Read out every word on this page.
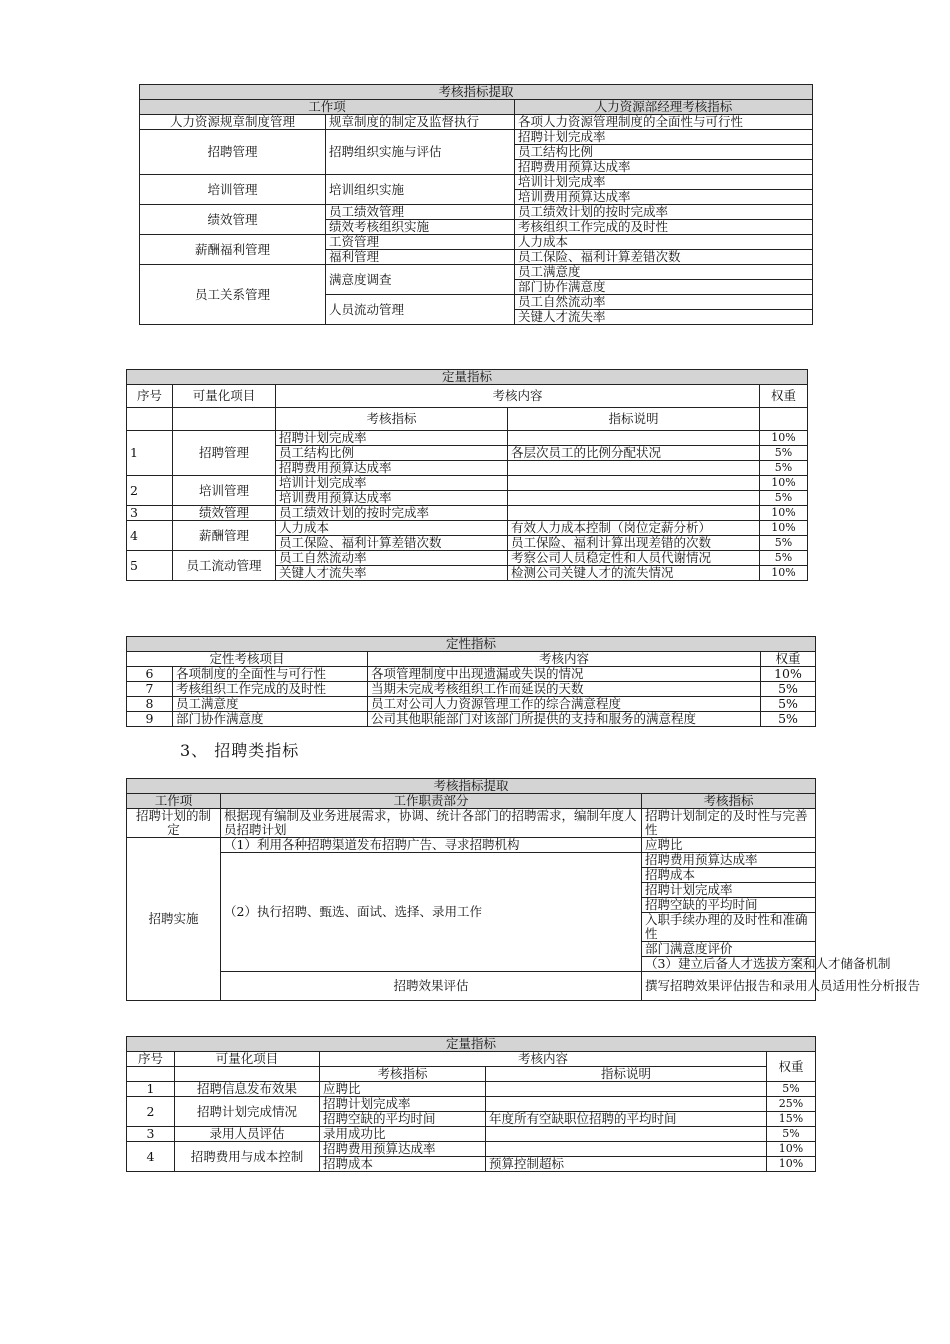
考核指标提取		
工作项		人力资源部经理考核指标
人力资源规章制度管理	规章制度的制定及监督执行	各项人力资源管理制度的全面性与可行性
招聘管理	招聘组织实施与评估	招聘计划完成率
		员工结构比例
		招聘费用预算达成率
培训管理	培训组织实施	培训计划完成率
		培训费用预算达成率
绩效管理	员工绩效管理	员工绩效计划的按时完成率
	绩效考核组织实施	考核组织工作完成的及时性
薪酬福利管理	工资管理	人力成本
	福利管理	员工保险、福利计算差错次数
员工关系管理	满意度调查	员工满意度
		部门协作满意度
	人员流动管理	员工自然流动率
		关键人才流失率
定量指标				
序号	可量化项目	考核内容		权重
		考核指标	指标说明	
1	招聘管理	招聘计划完成率		10%
		员工结构比例	各层次员工的比例分配状况	5%
		招聘费用预算达成率		5%
2	培训管理	培训计划完成率		10%
		培训费用预算达成率		5%
3	绩效管理	员工绩效计划的按时完成率		10%
4	薪酬管理	人力成本	有效人力成本控制（岗位定薪分析）	10%
		员工保险、福利计算差错次数	员工保险、福利计算出现差错的次数	5%
5	员工流动管理	员工自然流动率	考察公司人员稳定性和人员代谢情况	5%
		关键人才流失率	检测公司关键人才的流失情况	10%
定性指标			
定性考核项目		考核内容	权重
6	各项制度的全面性与可行性	各项管理制度中出现遗漏或失误的情况	10%
7	考核组织工作完成的及时性	当期未完成考核组织工作而延误的天数	5%
8	员工满意度	员工对公司人力资源管理工作的综合满意程度	5%
9	部门协作满意度	公司其他职能部门对该部门所提供的支持和服务的满意程度	5%
3、 招聘类指标
考核指标提取			
工作项	工作职责部分	考核指标	
招聘计划的制定	根据现有编制及业务进展需求，协调、统计各部门的招聘需求，编制年度人员招聘计划	招聘计划制定的及时性与完善性	
招聘实施	（1）利用各种招聘渠道发布招聘广告、寻求招聘机构	应聘比	
	（2）执行招聘、甄选、面试、选择、录用工作	招聘费用预算达成率	
		招聘成本	
		招聘计划完成率	
		招聘空缺的平均时间	
		入职手续办理的及时性和准确性	
		部门满意度评价	
		（3）建立后备人才选拔方案和人才储备机制	
	招聘效果评估	撰写招聘效果评估报告和录用人员适用性分析报告	
定量指标				
序号	可量化项目	考核内容		权重
		考核指标	指标说明	
1	招聘信息发布效果	应聘比		5%
2	招聘计划完成情况	招聘计划完成率		25%
		招聘空缺的平均时间	年度所有空缺职位招聘的平均时间	15%
3	录用人员评估	录用成功比		5%
4	招聘费用与成本控制	招聘费用预算达成率		10%
		招聘成本	预算控制超标	10%
